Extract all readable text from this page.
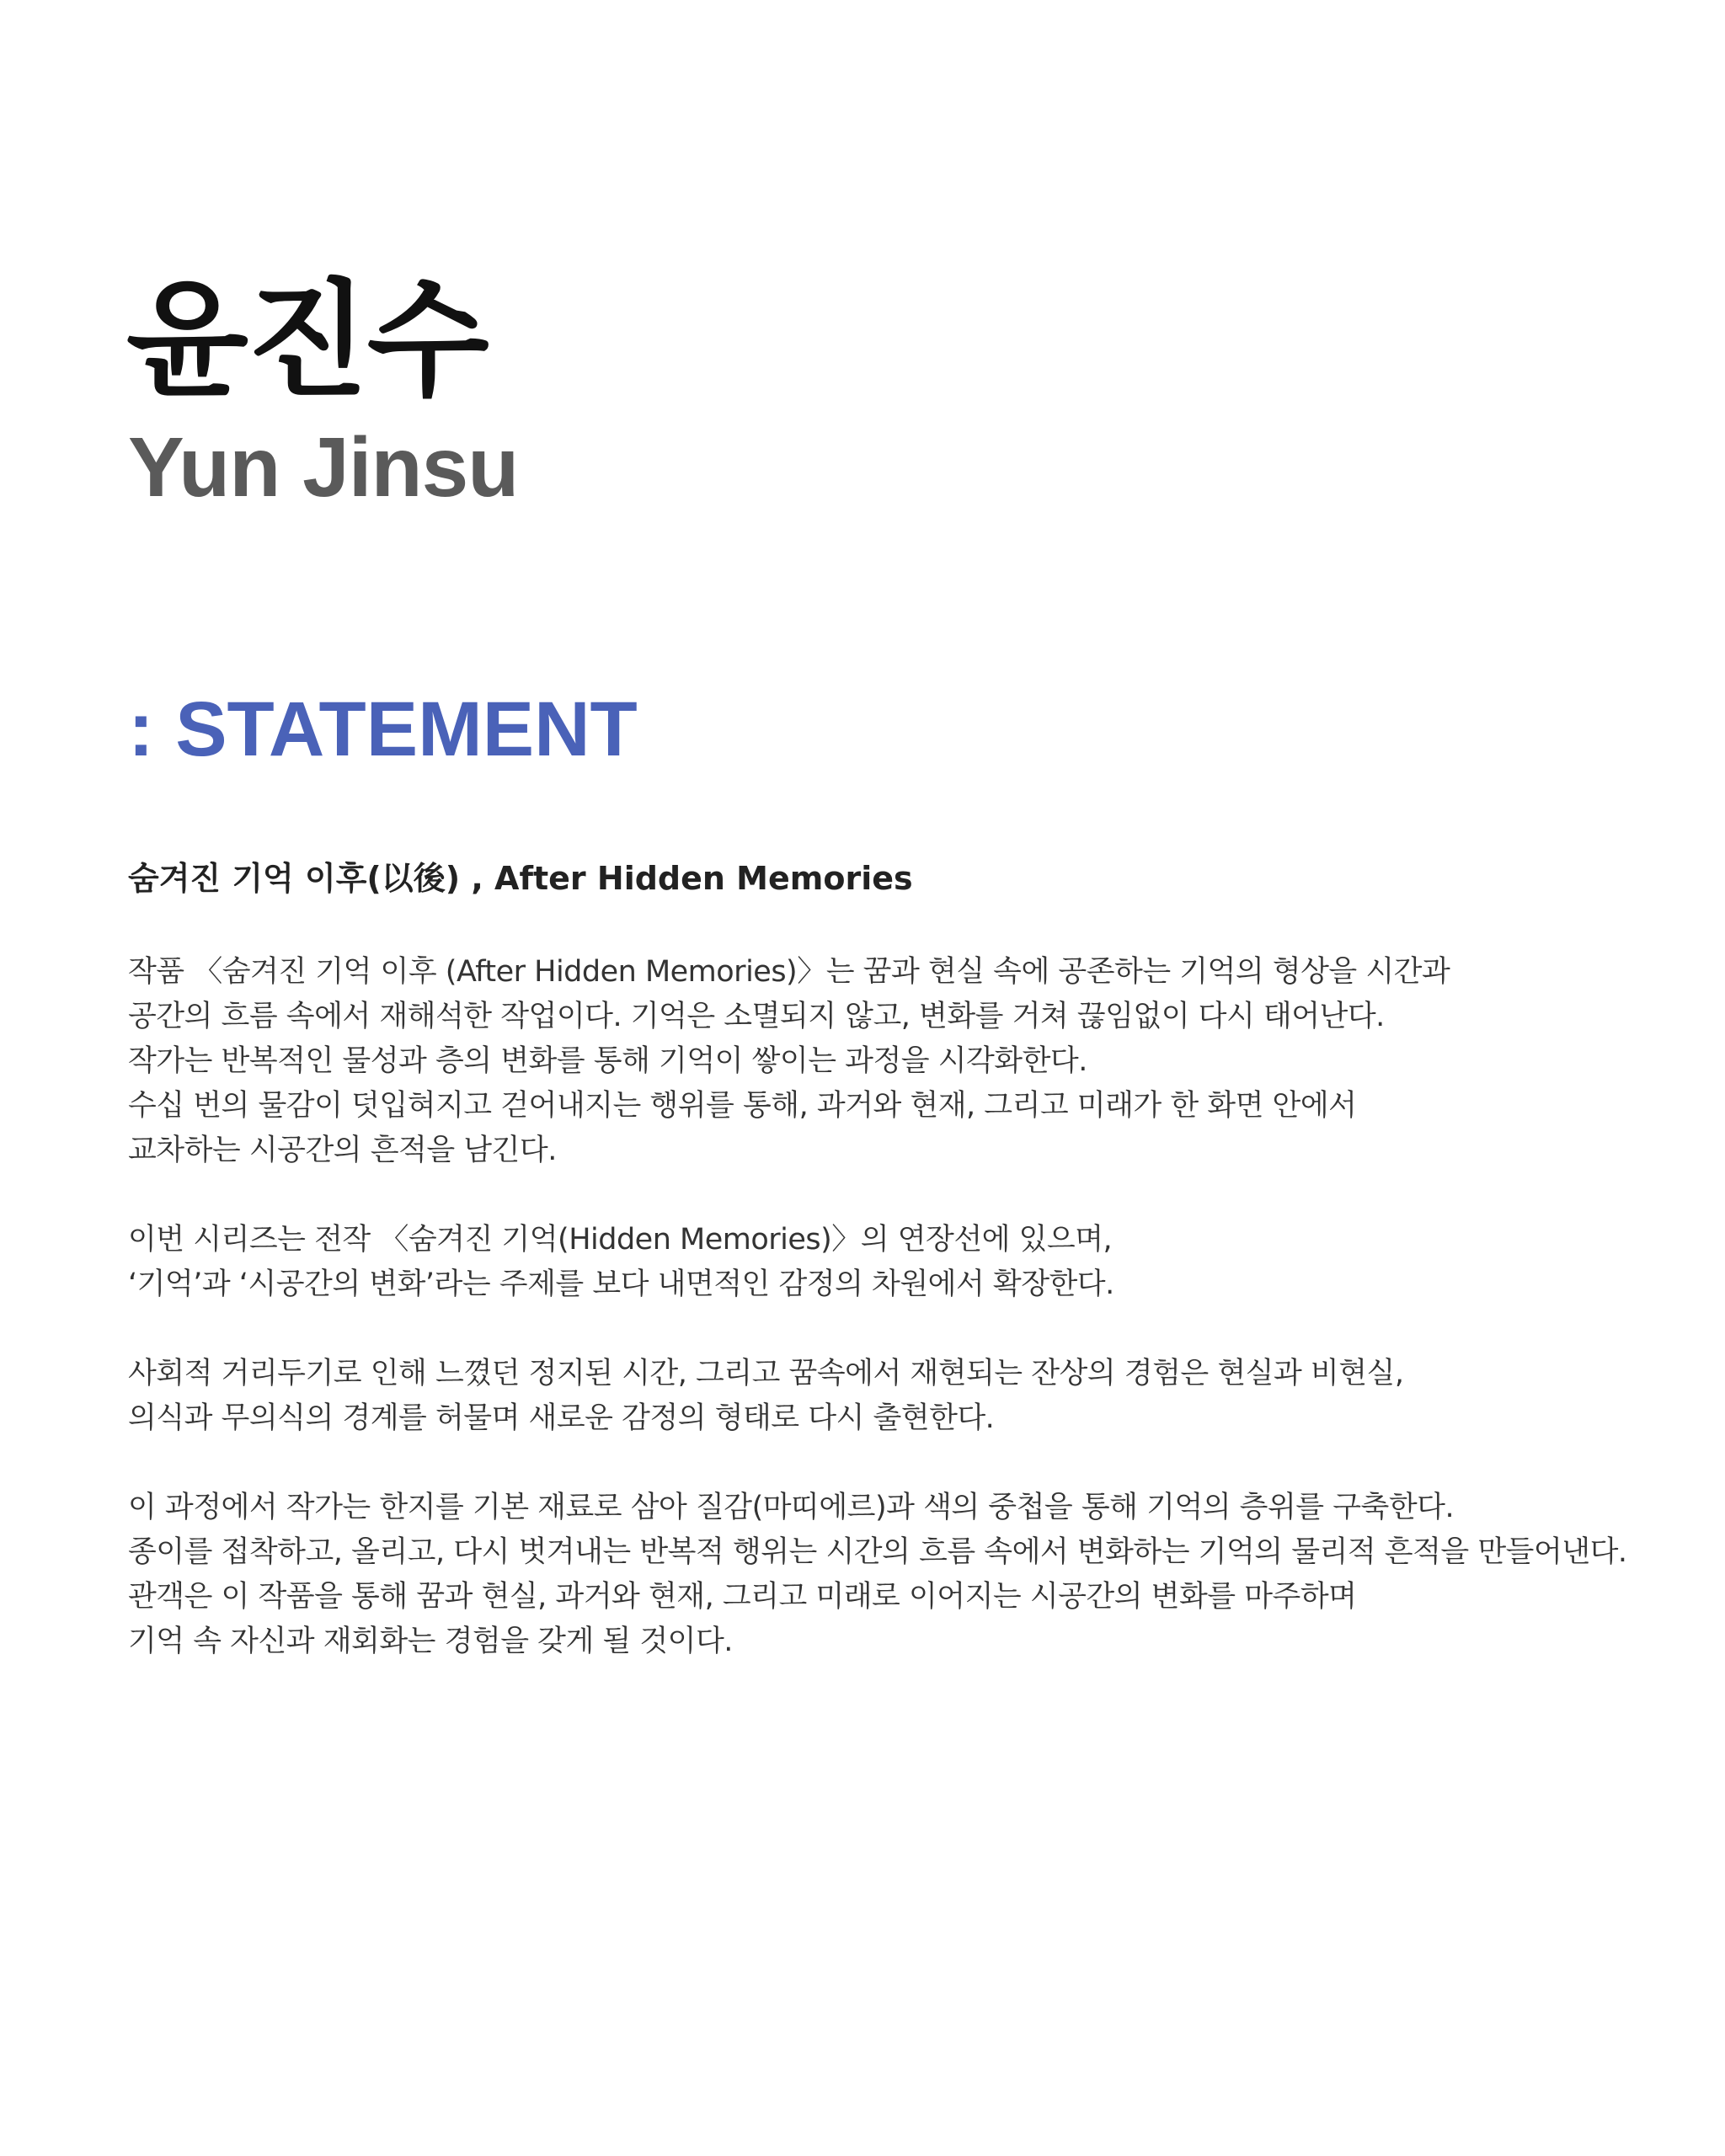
윤진수
Yun Jinsu
: STATEMENT
숨겨진 기억 이후(以後) , After Hidden Memories

작품 〈숨겨진 기억 이후 (After Hidden Memories)〉는 꿈과 현실 속에 공존하는 기억의 형상을 시간과
공간의 흐름 속에서 재해석한 작업이다. 기억은 소멸되지 않고, 변화를 거쳐 끊임없이 다시 태어난다.
작가는 반복적인 물성과 층의 변화를 통해 기억이 쌓이는 과정을 시각화한다.
수십 번의 물감이 덧입혀지고 걷어내지는 행위를 통해, 과거와 현재, 그리고 미래가 한 화면 안에서
교차하는 시공간의 흔적을 남긴다.

이번 시리즈는 전작 〈숨겨진 기억(Hidden Memories)〉의 연장선에 있으며,
‘기억’과 ‘시공간의 변화’라는 주제를 보다 내면적인 감정의 차원에서 확장한다.

사회적 거리두기로 인해 느꼈던 정지된 시간, 그리고 꿈속에서 재현되는 잔상의 경험은 현실과 비현실,
의식과 무의식의 경계를 허물며 새로운 감정의 형태로 다시 출현한다.

이 과정에서 작가는 한지를 기본 재료로 삼아 질감(마띠에르)과 색의 중첩을 통해 기억의 층위를 구축한다.
종이를 접착하고, 올리고, 다시 벗겨내는 반복적 행위는 시간의 흐름 속에서 변화하는 기억의 물리적 흔적을 만들어낸다.
관객은 이 작품을 통해 꿈과 현실, 과거와 현재, 그리고 미래로 이어지는 시공간의 변화를 마주하며
기억 속 자신과 재회화는 경험을 갖게 될 것이다.
